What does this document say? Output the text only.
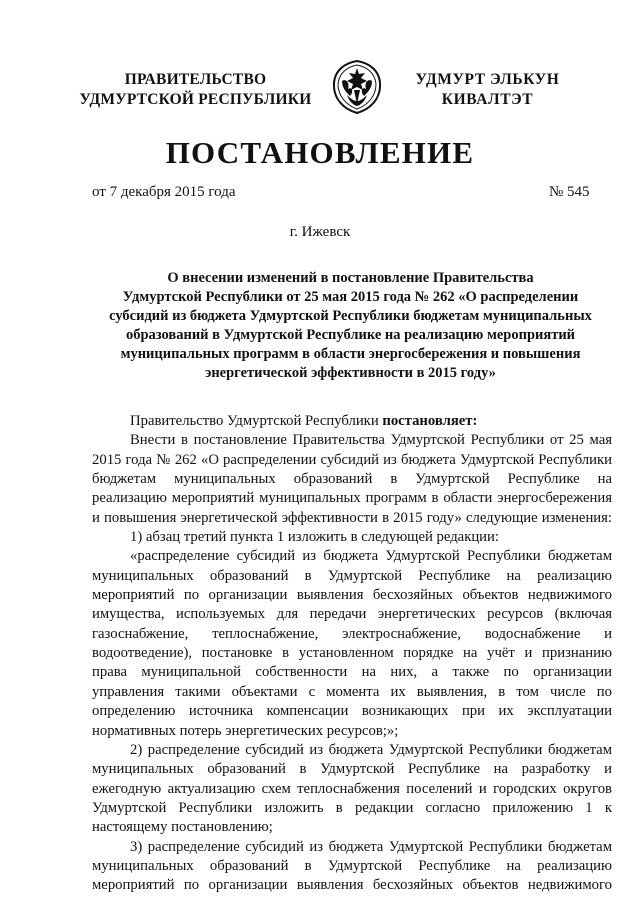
ПРАВИТЕЛЬСТВО
УДМУРТСКОЙ РЕСПУБЛИКИ
УДМУРТ ЭЛЬКУН
КИВАЛТЭТ
ПОСТАНОВЛЕНИЕ
от 7 декабря 2015 года	№ 545
г. Ижевск
О внесении изменений в постановление Правительства
Удмуртской Республики от 25 мая 2015 года № 262 «О распределении
субсидий из бюджета Удмуртской Республики бюджетам муниципальных
образований в Удмуртской Республике на реализацию мероприятий
муниципальных программ в области энергосбережения и повышения
энергетической эффективности в 2015 году»
Правительство Удмуртской Республики постановляет:
Внести в постановление Правительства Удмуртской Республики от 25 мая
2015 года № 262 «О распределении субсидий из бюджета Удмуртской Республики
бюджетам муниципальных образований в Удмуртской Республике на
реализацию мероприятий муниципальных программ в области энергосбережения
и повышения энергетической эффективности в 2015 году» следующие изменения:
1) абзац третий пункта 1 изложить в следующей редакции:
«распределение субсидий из бюджета Удмуртской Республики бюджетам
муниципальных образований в Удмуртской Республике на реализацию
мероприятий по организации выявления бесхозяйных объектов недвижимого
имущества, используемых для передачи энергетических ресурсов (включая
газоснабжение, теплоснабжение, электроснабжение, водоснабжение и
водоотведение), постановке в установленном порядке на учёт и признанию
права муниципальной собственности на них, а также по организации
управления такими объектами с момента их выявления, в том числе по
определению источника компенсации возникающих при их эксплуатации
нормативных потерь энергетических ресурсов;»;
2) распределение субсидий из бюджета Удмуртской Республики бюджетам
муниципальных образований в Удмуртской Республике на разработку и
ежегодную актуализацию схем теплоснабжения поселений и городских округов
Удмуртской Республики изложить в редакции согласно приложению 1 к
настоящему постановлению;
3) распределение субсидий из бюджета Удмуртской Республики бюджетам
муниципальных образований в Удмуртской Республике на реализацию
мероприятий по организации выявления бесхозяйных объектов недвижимого
